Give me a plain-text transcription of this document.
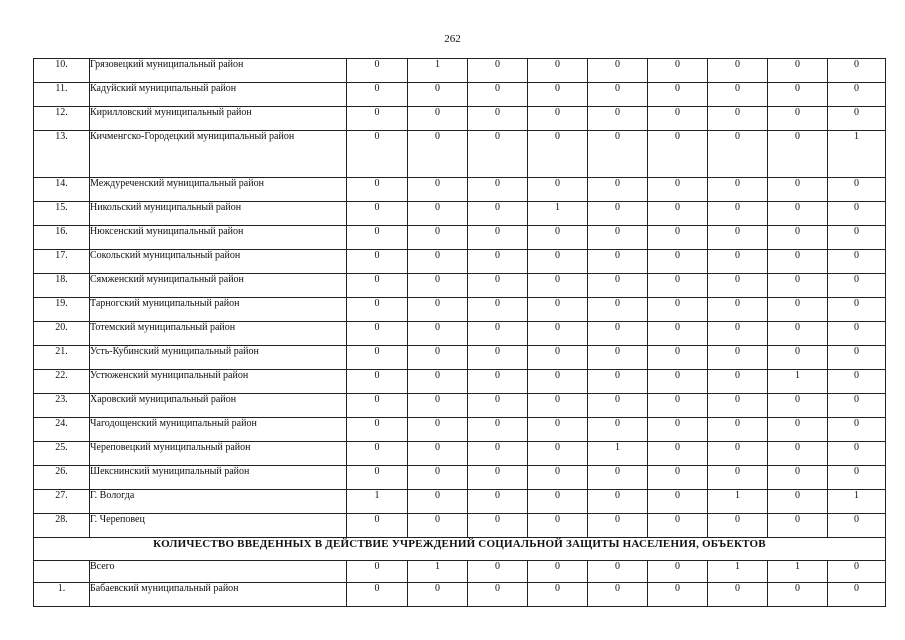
262
10.	Грязовецкий муниципальный район	0	1	0	0	0	0	0	0	0
11.	Кадуйский муниципальный район	0	0	0	0	0	0	0	0	0
12.	Кирилловский муниципальный район	0	0	0	0	0	0	0	0	0
13.	Кичменгско-Городецкий муниципальный район	0	0	0	0	0	0	0	0	1
14.	Междуреченский муниципальный район	0	0	0	0	0	0	0	0	0
15.	Никольский муниципальный район	0	0	0	1	0	0	0	0	0
16.	Нюксенский муниципальный район	0	0	0	0	0	0	0	0	0
17.	Сокольский муниципальный район	0	0	0	0	0	0	0	0	0
18.	Сямженский муниципальный район	0	0	0	0	0	0	0	0	0
19.	Тарногский муниципальный район	0	0	0	0	0	0	0	0	0
20.	Тотемский муниципальный район	0	0	0	0	0	0	0	0	0
21.	Усть-Кубинский муниципальный район	0	0	0	0	0	0	0	0	0
22.	Устюженский муниципальный район	0	0	0	0	0	0	0	1	0
23.	Харовский муниципальный район	0	0	0	0	0	0	0	0	0
24.	Чагодощенский муниципальный район	0	0	0	0	0	0	0	0	0
25.	Череповецкий муниципальный район	0	0	0	0	1	0	0	0	0
26.	Шекснинский муниципальный район	0	0	0	0	0	0	0	0	0
27.	Г. Вологда	1	0	0	0	0	0	1	0	1
28.	Г. Череповец	0	0	0	0	0	0	0	0	0
КОЛИЧЕСТВО ВВЕДЕННЫХ В ДЕЙСТВИЕ УЧРЕЖДЕНИЙ СОЦИАЛЬНОЙ ЗАЩИТЫ НАСЕЛЕНИЯ, ОБЪЕКТОВ										
	Всего	0	1	0	0	0	0	1	1	0
1.	Бабаевский муниципальный район	0	0	0	0	0	0	0	0	0
